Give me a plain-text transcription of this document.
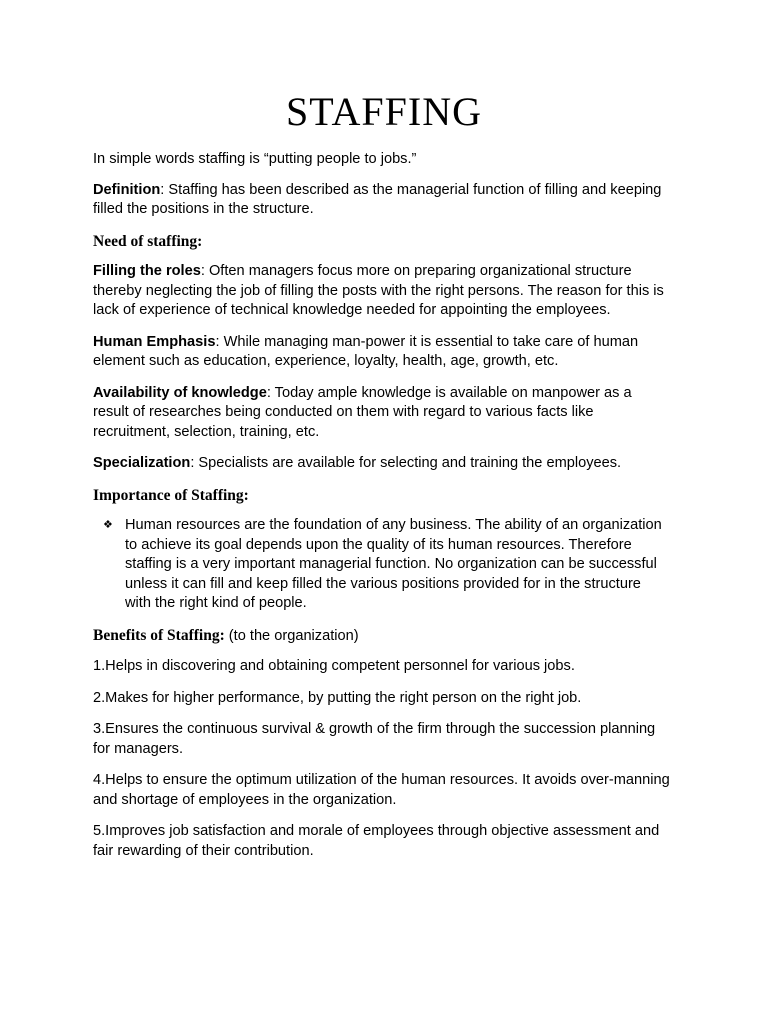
STAFFING

In simple words staffing is “putting people to jobs.”

Definition: Staffing has been described as the managerial function of filling and keeping filled the positions in the structure.

Need of staffing:

Filling the roles: Often managers focus more on preparing organizational structure thereby neglecting the job of filling the posts with the right persons. The reason for this is lack of experience of technical knowledge needed for appointing the employees.

Human Emphasis: While managing man-power it is essential to take care of human element such as education, experience, loyalty, health, age, growth, etc.

Availability of knowledge: Today ample knowledge is available on manpower as a result of researches being conducted on them with regard to various facts like recruitment, selection, training, etc.

Specialization: Specialists are available for selecting and training the employees.

Importance of Staffing:

❖ Human resources are the foundation of any business. The ability of an organization to achieve its goal depends upon the quality of its human resources. Therefore staffing is a very important managerial function. No organization can be successful unless it can fill and keep filled the various positions provided for in the structure with the right kind of people.

Benefits of Staffing: (to the organization)

1.Helps in discovering and obtaining competent personnel for various jobs.

2.Makes for higher performance, by putting the right person on the right job.

3.Ensures the continuous survival & growth of the firm through the succession planning for managers.

4.Helps to ensure the optimum utilization of the human resources. It avoids over-manning and shortage of employees in the organization.

5.Improves job satisfaction and morale of employees through objective assessment and fair rewarding of their contribution.
